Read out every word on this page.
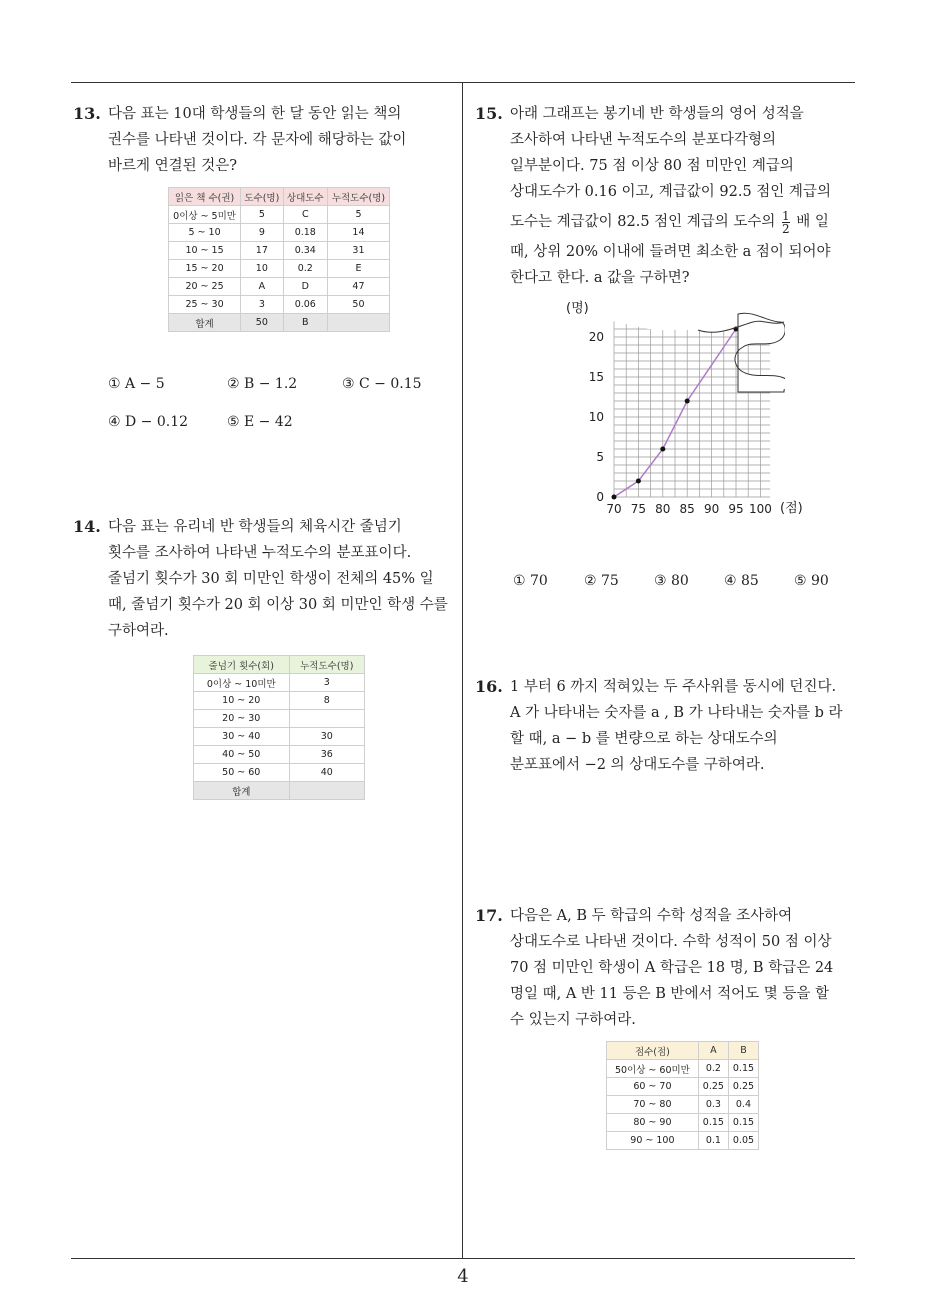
13. 다음 표는 10대 학생들의 한 달 동안 읽는 책의
권수를 나타낸 것이다. 각 문자에 해당하는 값이
바르게 연결된 것은?
읽은 책 수(권)	도수(명)	상대도수	누적도수(명)
0이상 ~ 5미만	5	C	5
5 ~ 10	9	0.18	14
10 ~ 15	17	0.34	31
15 ~ 20	10	0.2	E
20 ~ 25	A	D	47
25 ~ 30	3	0.06	50
합계	50	B	
① A − 5	② B − 1.2	③ C − 0.15
④ D − 0.12	⑤ E − 42
14. 다음 표는 유리네 반 학생들의 체육시간 줄넘기
횟수를 조사하여 나타낸 누적도수의 분포표이다.
줄넘기 횟수가 30 회 미만인 학생이 전체의 45% 일
때, 줄넘기 횟수가 20 회 이상 30 회 미만인 학생 수를
구하여라.
줄넘기 횟수(회)	누적도수(명)
0이상 ~ 10미만	3
10 ~ 20	8
20 ~ 30	
30 ~ 40	30
40 ~ 50	36
50 ~ 60	40
합계	
15. 아래 그래프는 봉기네 반 학생들의 영어 성적을
조사하여 나타낸 누적도수의 분포다각형의
일부분이다. 75 점 이상 80 점 미만인 계급의
상대도수가 0.16 이고, 계급값이 92.5 점인 계급의
도수는 계급값이 82.5 점인 계급의 도수의 $\frac{1}{2}$ 배 일
때, 상위 20% 이내에 들려면 최소한 a 점이 되어야
한다고 한다. a 값을 구하면?
70 75 80 85 90 95 100
0
5
10
15
20
(명)
(점)
① 70	② 75	③ 80	④ 85	⑤ 90
16. 1 부터 6 까지 적혀있는 두 주사위를 동시에 던진다.
A 가 나타내는 숫자를 a , B 가 나타내는 숫자를 b 라
할 때, a − b 를 변량으로 하는 상대도수의
분포표에서 −2 의 상대도수를 구하여라.
17. 다음은 A, B 두 학급의 수학 성적을 조사하여
상대도수로 나타낸 것이다. 수학 성적이 50 점 이상
70 점 미만인 학생이 A 학급은 18 명, B 학급은 24
명일 때, A 반 11 등은 B 반에서 적어도 몇 등을 할
수 있는지 구하여라.
점수(점)	A	B
50이상 ~ 60미만	0.2	0.15
60 ~ 70	0.25	0.25
70 ~ 80	0.3	0.4
80 ~ 90	0.15	0.15
90 ~ 100	0.1	0.05
4
